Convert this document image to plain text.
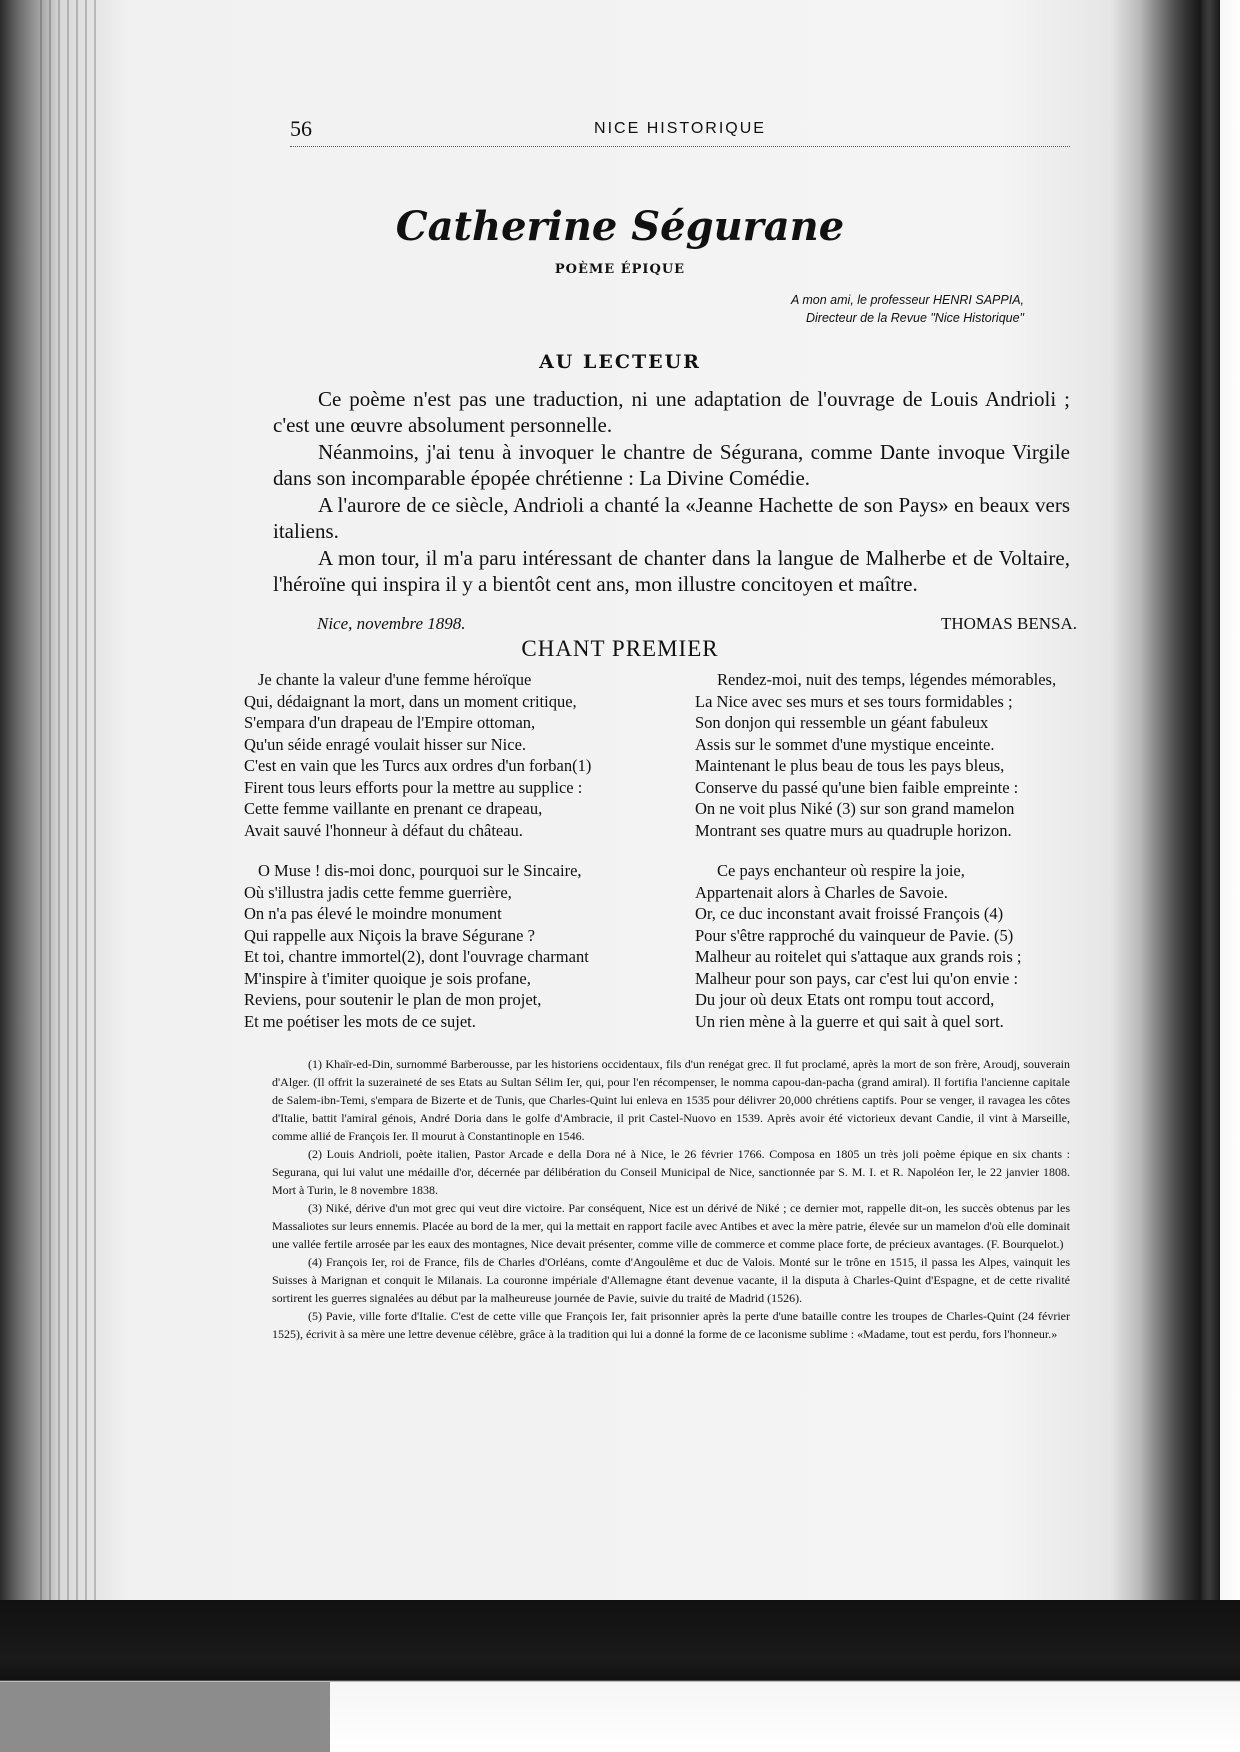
56	NICE HISTORIQUE
Catherine Ségurane
POÈME ÉPIQUE
A mon ami, le professeur HENRI SAPPIA,
Directeur de la Revue "Nice Historique"
AU LECTEUR

Ce poème n'est pas une traduction, ni une adaptation de l'ouvrage de Louis Andrioli ; c'est une œuvre absolument personnelle.

Néanmoins, j'ai tenu à invoquer le chantre de Ségurana, comme Dante invoque Virgile dans son incomparable épopée chrétienne : La Divine Comédie.

A l'aurore de ce siècle, Andrioli a chanté la «Jeanne Hachette de son Pays» en beaux vers italiens.

A mon tour, il m'a paru intéressant de chanter dans la langue de Malherbe et de Voltaire, l'héroïne qui inspira il y a bientôt cent ans, mon illustre concitoyen et maître.

Nice, novembre 1898.	THOMAS BENSA.
CHANT PREMIER
Je chante la valeur d'une femme héroïque
Qui, dédaignant la mort, dans un moment critique,
S'empara d'un drapeau de l'Empire ottoman,
Qu'un séide enragé voulait hisser sur Nice.
C'est en vain que les Turcs aux ordres d'un forban(1)
Firent tous leurs efforts pour la mettre au supplice :
Cette femme vaillante en prenant ce drapeau,
Avait sauvé l'honneur à défaut du château.
O Muse ! dis-moi donc, pourquoi sur le Sincaire,
Où s'illustra jadis cette femme guerrière,
On n'a pas élevé le moindre monument
Qui rappelle aux Niçois la brave Ségurane ?
Et toi, chantre immortel(2), dont l'ouvrage charmant
M'inspire à t'imiter quoique je sois profane,
Reviens, pour soutenir le plan de mon projet,
Et me poétiser les mots de ce sujet.
Rendez-moi, nuit des temps, légendes mémorables,
La Nice avec ses murs et ses tours formidables ;
Son donjon qui ressemble un géant fabuleux
Assis sur le sommet d'une mystique enceinte.
Maintenant le plus beau de tous les pays bleus,
Conserve du passé qu'une bien faible empreinte :
On ne voit plus Niké (3) sur son grand mamelon
Montrant ses quatre murs au quadruple horizon.
Ce pays enchanteur où respire la joie,
Appartenait alors à Charles de Savoie.
Or, ce duc inconstant avait froissé François (4)
Pour s'être rapproché du vainqueur de Pavie. (5)
Malheur au roitelet qui s'attaque aux grands rois ;
Malheur pour son pays, car c'est lui qu'on envie :
Du jour où deux Etats ont rompu tout accord,
Un rien mène à la guerre et qui sait à quel sort.

(1) Khaïr-ed-Din, surnommé Barberousse, par les historiens occidentaux, fils d'un renégat grec. Il fut proclamé, après la mort de son frère, Aroudj, souverain d'Alger. (Il offrit la suzeraineté de ses Etats au Sultan Sélim Ier, qui, pour l'en récompenser, le nomma capou-dan-pacha (grand amiral). Il fortifia l'ancienne capitale de Salem-ibn-Temi, s'empara de Bizerte et de Tunis, que Charles-Quint lui enleva en 1535 pour délivrer 20,000 chrétiens captifs. Pour se venger, il ravagea les côtes d'Italie, battit l'amiral génois, André Doria dans le golfe d'Ambracie, il prit Castel-Nuovo en 1539. Après avoir été victorieux devant Candie, il vint à Marseille, comme allié de François Ier. Il mourut à Constantinople en 1546.

(2) Louis Andrioli, poète italien, Pastor Arcade e della Dora né à Nice, le 26 février 1766. Composa en 1805 un très joli poème épique en six chants : Segurana, qui lui valut une médaille d'or, décernée par délibération du Conseil Municipal de Nice, sanctionnée par S. M. I. et R. Napoléon Ier, le 22 janvier 1808. Mort à Turin, le 8 novembre 1838.

(3) Niké, dérive d'un mot grec qui veut dire victoire. Par conséquent, Nice est un dérivé de Niké ; ce dernier mot, rappelle dit-on, les succès obtenus par les Massaliotes sur leurs ennemis. Placée au bord de la mer, qui la mettait en rapport facile avec Antibes et avec la mère patrie, élevée sur un mamelon d'où elle dominait une vallée fertile arrosée par les eaux des montagnes, Nice devait présenter, comme ville de commerce et comme place forte, de précieux avantages. (F. Bourquelot.)

(4) François Ier, roi de France, fils de Charles d'Orléans, comte d'Angoulême et duc de Valois. Monté sur le trône en 1515, il passa les Alpes, vainquit les Suisses à Marignan et conquit le Milanais. La couronne impériale d'Allemagne étant devenue vacante, il la disputa à Charles-Quint d'Espagne, et de cette rivalité sortirent les guerres signalées au début par la malheureuse journée de Pavie, suivie du traité de Madrid (1526).

(5) Pavie, ville forte d'Italie. C'est de cette ville que François Ier, fait prisonnier après la perte d'une bataille contre les troupes de Charles-Quint (24 février 1525), écrivit à sa mère une lettre devenue célèbre, grâce à la tradition qui lui a donné la forme de ce laconisme sublime : «Madame, tout est perdu, fors l'honneur.»
